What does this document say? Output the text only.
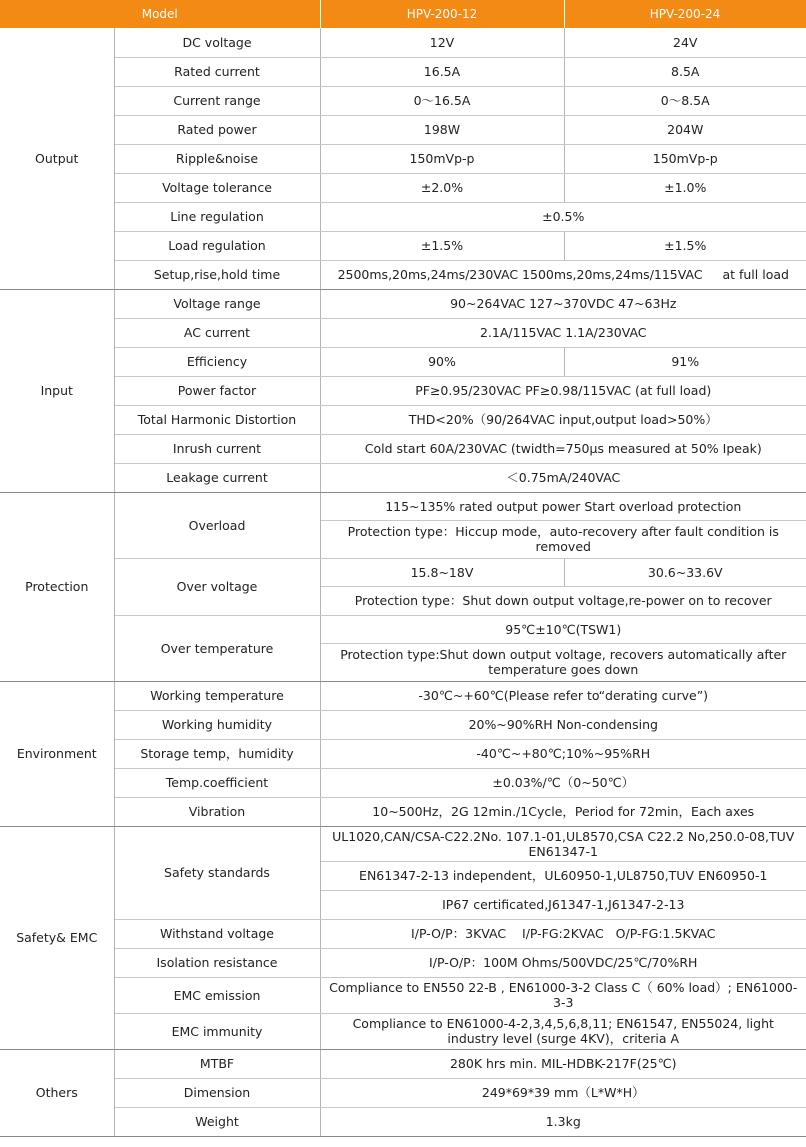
Model		HPV-200-12	HPV-200-24
Output	DC voltage	12V	24V
	Rated current	16.5A	8.5A
	Current range	0～16.5A	0～8.5A
	Rated power	198W	204W
	Ripple&noise	150mVp-p	150mVp-p
	Voltage tolerance	±2.0%	±1.0%
	Line regulation	±0.5%	
	Load regulation	±1.5%	±1.5%
	Setup,rise,hold time	2500ms,20ms,24ms/230VAC 1500ms,20ms,24ms/115VAC     at full load	
Input	Voltage range	90~264VAC 127~370VDC 47~63Hz	
	AC current	2.1A/115VAC 1.1A/230VAC	
	Efficiency	90%	91%
	Power factor	PF≥0.95/230VAC PF≥0.98/115VAC (at full load)	
	Total Harmonic Distortion	THD<20%（90/264VAC input,output load>50%）	
	Inrush current	Cold start 60A/230VAC (twidth=750μs measured at 50% Ipeak)	
	Leakage current	＜0.75mA/240VAC	
Protection	Overload	115~135% rated output power Start overload protection	
		Protection type：Hiccup mode，auto-recovery after fault condition is removed	
	Over voltage	15.8~18V	30.6~33.6V
		Protection type：Shut down output voltage,re-power on to recover	
	Over temperature	95℃±10℃(TSW1)	
		Protection type:Shut down output voltage, recovers automatically after temperature goes down	
Environment	Working temperature	-30℃~+60℃(Please refer to“derating curve”)	
	Working humidity	20%~90%RH Non-condensing	
	Storage temp，humidity	-40℃~+80℃;10%~95%RH	
	Temp.coefficient	±0.03%/℃（0~50℃）	
	Vibration	10~500Hz，2G 12min./1Cycle，Period for 72min，Each axes	
Safety& EMC	Safety standards	UL1020,CAN/CSA-C22.2No. 107.1-01,UL8570,CSA C22.2 No,250.0-08,TUV EN61347-1	
		EN61347-2-13 independent，UL60950-1,UL8750,TUV EN60950-1	
		IP67 certificated,J61347-1,J61347-2-13	
	Withstand voltage	I/P-O/P：3KVAC    I/P-FG:2KVAC   O/P-FG:1.5KVAC	
	Isolation resistance	I/P-O/P：100M Ohms/500VDC/25℃/70%RH	
	EMC emission	Compliance to EN550 22-B , EN61000-3-2 Class C（ 60% load）; EN61000-3-3	
	EMC immunity	Compliance to EN61000-4-2,3,4,5,6,8,11; EN61547, EN55024, light industry level (surge 4KV)，criteria A	
Others	MTBF	280K hrs min. MIL-HDBK-217F(25℃)	
	Dimension	249*69*39 mm（L*W*H）	
	Weight	1.3kg	
